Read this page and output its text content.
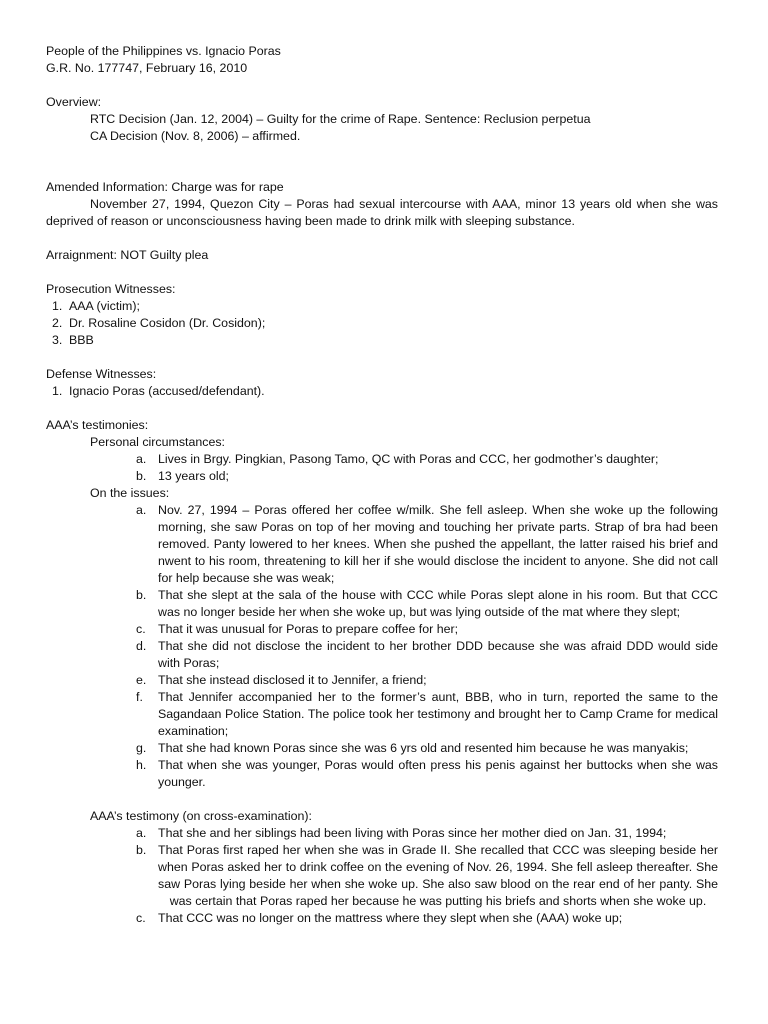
People of the Philippines vs. Ignacio Poras
G.R. No. 177747, February 16, 2010
Overview:
RTC Decision (Jan. 12, 2004) – Guilty for the crime of Rape. Sentence: Reclusion perpetua
CA Decision (Nov. 8, 2006) – affirmed.
Amended Information: Charge was for rape
November 27, 1994, Quezon City – Poras had sexual intercourse with AAA, minor 13 years old when she was deprived of reason or unconsciousness having been made to drink milk with sleeping substance.
Arraignment: NOT Guilty plea
Prosecution Witnesses:
1. AAA (victim);
2. Dr. Rosaline Cosidon (Dr. Cosidon);
3. BBB
Defense Witnesses:
1. Ignacio Poras (accused/defendant).
AAA’s testimonies:
Personal circumstances:
a. Lives in Brgy. Pingkian, Pasong Tamo, QC with Poras and CCC, her godmother’s daughter;
b. 13 years old;
On the issues:
a. Nov. 27, 1994 – Poras offered her coffee w/milk. She fell asleep. When she woke up the following morning, she saw Poras on top of her moving and touching her private parts. Strap of bra had been removed. Panty lowered to her knees. When she pushed the appellant, the latter raised his brief and nwent to his room, threatening to kill her if she would disclose the incident to anyone. She did not call for help because she was weak;
b. That she slept at the sala of the house with CCC while Poras slept alone in his room. But that CCC was no longer beside her when she woke up, but was lying outside of the mat where they slept;
c. That it was unusual for Poras to prepare coffee for her;
d. That she did not disclose the incident to her brother DDD because she was afraid DDD would side with Poras;
e. That she instead disclosed it to Jennifer, a friend;
f.	That Jennifer accompanied her to the former’s aunt, BBB, who in turn, reported the same to the Sagandaan Police Station. The police took her testimony and brought her to Camp Crame for medical examination;
g. That she had known Poras since she was 6 yrs old and resented him because he was manyakis;
h. That when she was younger, Poras would often press his penis against her buttocks when she was younger.
AAA’s testimony (on cross-examination):
a. That she and her siblings had been living with Poras since her mother died on Jan. 31, 1994;
b. That Poras first raped her when she was in Grade II. She recalled that CCC was sleeping beside her when Poras asked her to drink coffee on the evening of Nov. 26, 1994. She fell asleep thereafter. She saw Poras lying beside her when she woke up. She also saw blood on the rear end of her panty. She was certain that Poras raped her because he was putting his briefs and shorts when she woke up.
c. That CCC was no longer on the mattress where they slept when she (AAA) woke up;
